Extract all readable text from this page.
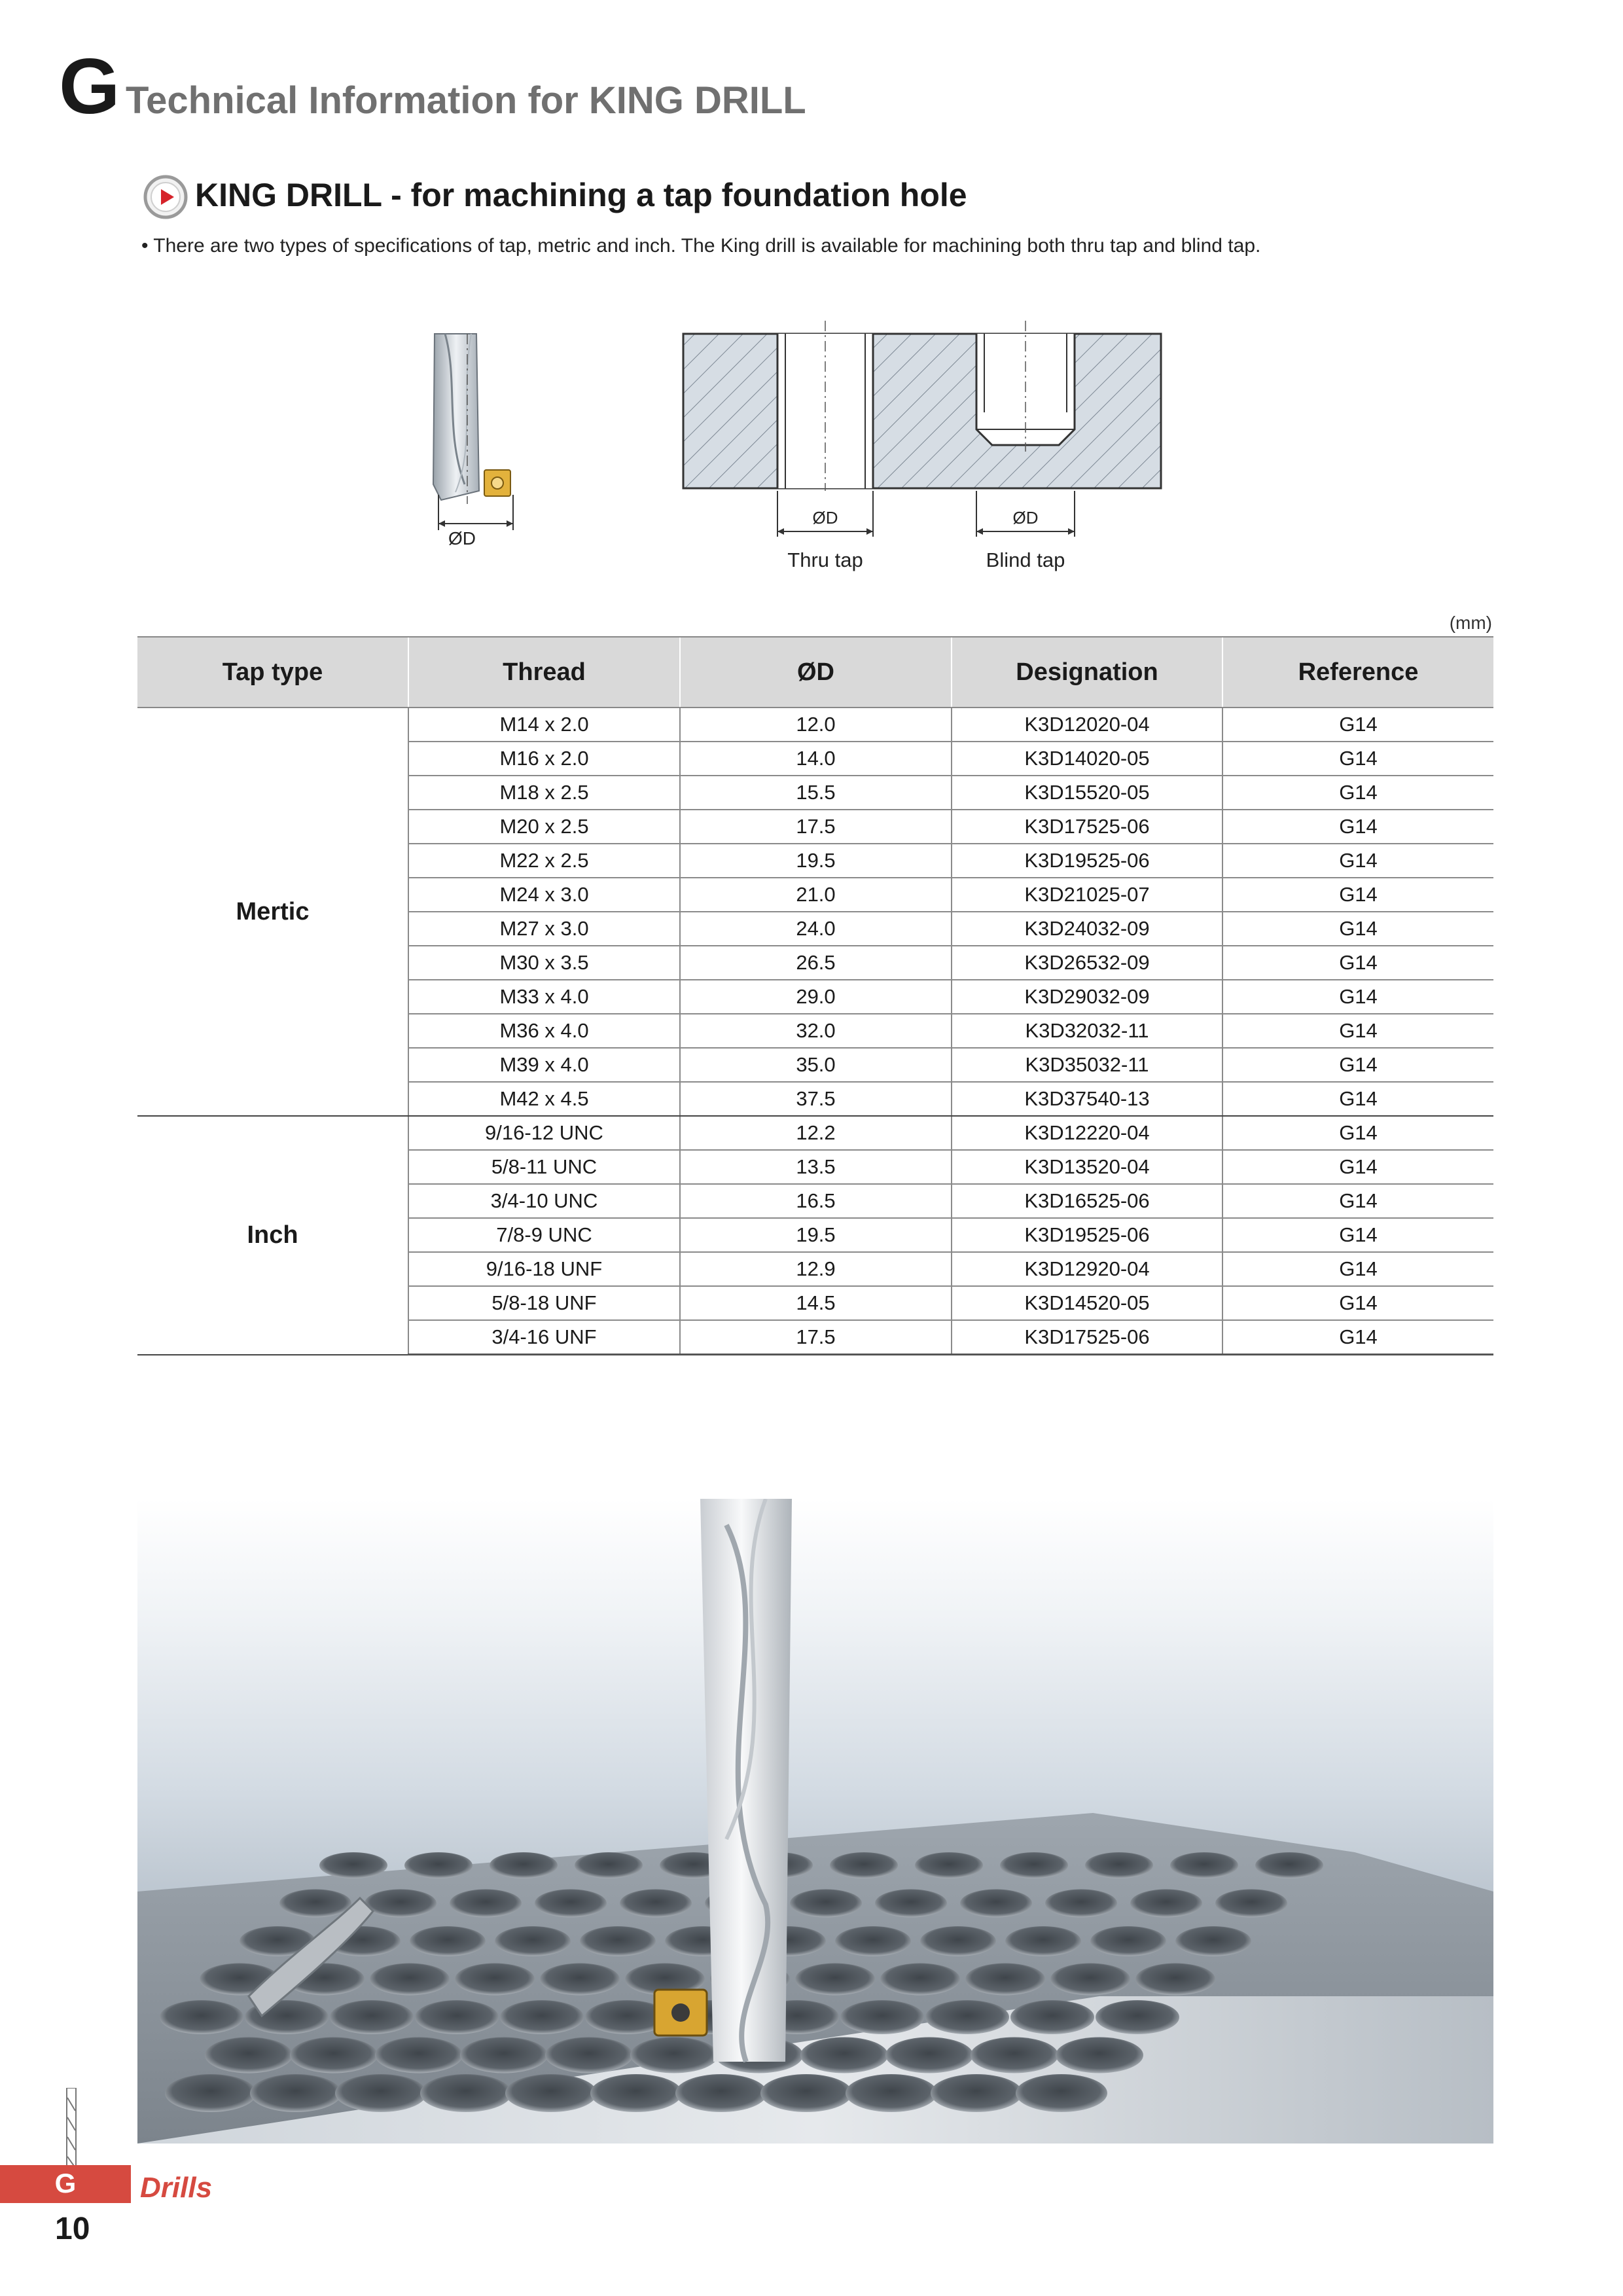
G Technical Information for KING DRILL
KING DRILL - for machining a tap foundation hole
• There are two types of specifications of tap, metric and inch. The King drill is available for machining both thru tap and blind tap.
ØD
ØD	ØD
Thru tap	Blind tap
(mm)
Tap type	Thread	ØD	Designation	Reference
Mertic	M14 x 2.0	12.0	K3D12020-04	G14
	M16 x 2.0	14.0	K3D14020-05	G14
	M18 x 2.5	15.5	K3D15520-05	G14
	M20 x 2.5	17.5	K3D17525-06	G14
	M22 x 2.5	19.5	K3D19525-06	G14
	M24 x 3.0	21.0	K3D21025-07	G14
	M27 x 3.0	24.0	K3D24032-09	G14
	M30 x 3.5	26.5	K3D26532-09	G14
	M33 x 4.0	29.0	K3D29032-09	G14
	M36 x 4.0	32.0	K3D32032-11	G14
	M39 x 4.0	35.0	K3D35032-11	G14
	M42 x 4.5	37.5	K3D37540-13	G14
Inch	9/16-12 UNC	12.2	K3D12220-04	G14
	5/8-11 UNC	13.5	K3D13520-04	G14
	3/4-10 UNC	16.5	K3D16525-06	G14
	7/8-9 UNC	19.5	K3D19525-06	G14
	9/16-18 UNF	12.9	K3D12920-04	G14
	5/8-18 UNF	14.5	K3D14520-05	G14
	3/4-16 UNF	17.5	K3D17525-06	G14
G	Drills
10
